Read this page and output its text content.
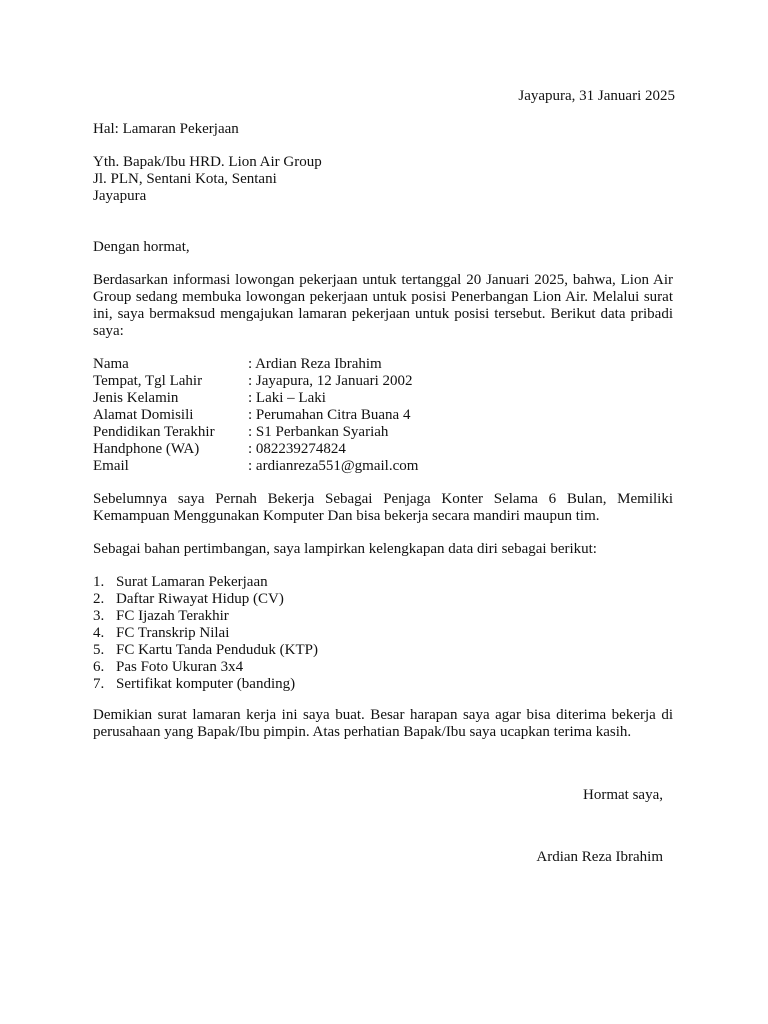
Jayapura, 31 Januari 2025
Hal: Lamaran Pekerjaan
Yth. Bapak/Ibu HRD. Lion Air Group
Jl. PLN, Sentani Kota, Sentani
Jayapura
Dengan hormat,
Berdasarkan informasi lowongan pekerjaan untuk tertanggal 20 Januari 2025, bahwa, Lion Air Group sedang membuka lowongan pekerjaan untuk posisi Penerbangan Lion Air. Melalui surat ini, saya bermaksud mengajukan lamaran pekerjaan untuk posisi tersebut. Berikut data pribadi saya:
Nama	: Ardian Reza Ibrahim
Tempat, Tgl Lahir	: Jayapura, 12 Januari 2002
Jenis Kelamin	: Laki – Laki
Alamat Domisili	: Perumahan Citra Buana 4
Pendidikan Terakhir	: S1 Perbankan Syariah
Handphone (WA)	: 082239274824
Email	: ardianreza551@gmail.com
Sebelumnya saya Pernah Bekerja Sebagai Penjaga Konter Selama 6 Bulan, Memiliki Kemampuan Menggunakan Komputer Dan bisa bekerja secara mandiri maupun tim.
Sebagai bahan pertimbangan, saya lampirkan kelengkapan data diri sebagai berikut:
1. Surat Lamaran Pekerjaan
2. Daftar Riwayat Hidup (CV)
3. FC Ijazah Terakhir
4. FC Transkrip Nilai
5. FC Kartu Tanda Penduduk (KTP)
6. Pas Foto Ukuran 3x4
7. Sertifikat komputer (banding)
Demikian surat lamaran kerja ini saya buat. Besar harapan saya agar bisa diterima bekerja di perusahaan yang Bapak/Ibu pimpin. Atas perhatian Bapak/Ibu saya ucapkan terima kasih.
Hormat saya,
Ardian Reza Ibrahim
